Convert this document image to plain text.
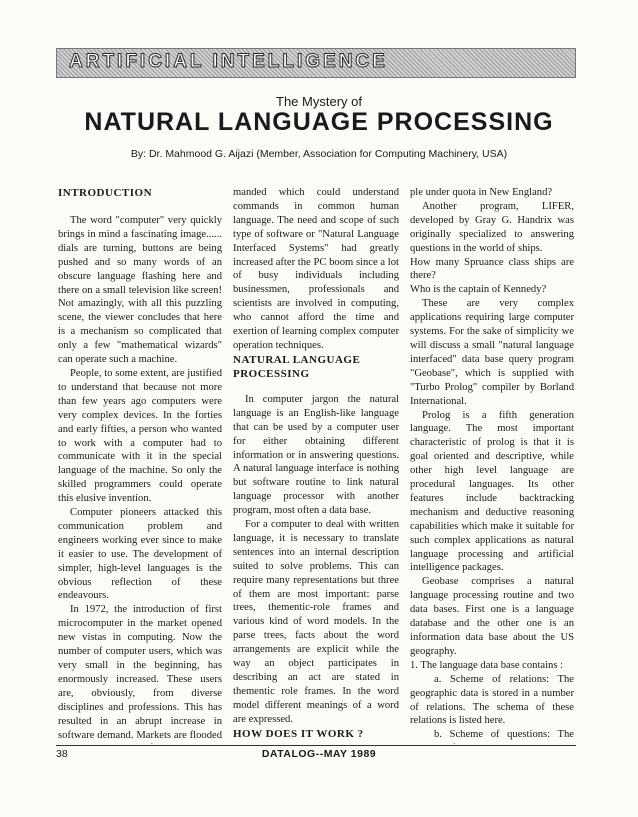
ARTIFICIAL INTELLIGENCE
The Mystery of
NATURAL LANGUAGE PROCESSING
By: Dr. Mahmood G. Aijazi (Member, Association for Computing Machinery, USA)
INTRODUCTION

The word "computer" very quickly brings in mind a fascinating image...... dials are turning, buttons are being pushed and so many words of an obscure language flashing here and there on a small television like screen! Not amazingly, with all this puzzling scene, the viewer concludes that here is a mechanism so complicated that only a few "mathematical wizards" can operate such a machine.

People, to some extent, are justified to understand that because not more than few years ago computers were very complex devices. In the forties and early fifties, a person who wanted to work with a computer had to communicate with it in the special language of the machine. So only the skilled programmers could operate this elusive invention.

Computer pioneers attacked this communication problem and engineers working ever since to make it easier to use. The development of simpler, high-level languages is the obvious reflection of these endeavours.

In 1972, the introduction of first microcomputer in the market opened new vistas in computing. Now the number of computer users, which was very small in the beginning, has enormously increased. These users are, obviously, from diverse disciplines and professions. This has resulted in an abrupt increase in software demand. Markets are flooded

manded which could understand commands in common human language. The need and scope of such type of software or "Natural Language Interfaced Systems" had greatly increased after the PC boom since a lot of busy individuals including businessmen, professionals and scientists are involved in computing, who cannot afford the time and exertion of learning complex computer operation techniques.

NATURAL LANGUAGE PROCESSING

In computer jargon the natural language is an English-like language that can be used by a computer user for either obtaining different information or in answering questions. A natural language interface is nothing but software routine to link natural language processor with another program, most often a data base.

For a computer to deal with written language, it is necessary to translate sentences into an internal description suited to solve problems. This can require many representations but three of them are most important: parse trees, thementic-role frames and various kind of word models. In the parse trees, facts about the word arrangements are explicit while the way an object participates in describing an act are stated in thementic role frames. In the word model different meanings of a word are expressed.

HOW DOES IT WORK ?

ple under quota in New England?

Another program, LIFER, developed by Gray G. Handrix was originally specialized to answering questions in the world of ships.

How many Spruance class ships are there?

Who is the captain of Kennedy?

These are very complex applications requiring large computer systems. For the sake of simplicity we will discuss a small "natural language interfaced" data base query program "Geobase", which is supplied with "Turbo Prolog" compiler by Borland International.

Prolog is a fifth generation language. The most important characteristic of prolog is that it is goal oriented and descriptive, while other high level language are procedural languages. Its other features include backtracking mechanism and deductive reasoning capabilities which make it suitable for such complex applications as natural language processing and artificial intelligence packages.

Geobase comprises a natural language processing routine and two data bases. First one is a language database and the other one is an information data base about the US geography.

1. The language data base contains :

a. Scheme of relations: The geographic data is stored in a number of relations. The schema of these relations is listed here.

b. Scheme of questions: The

38	DATALOG--MAY 1989
